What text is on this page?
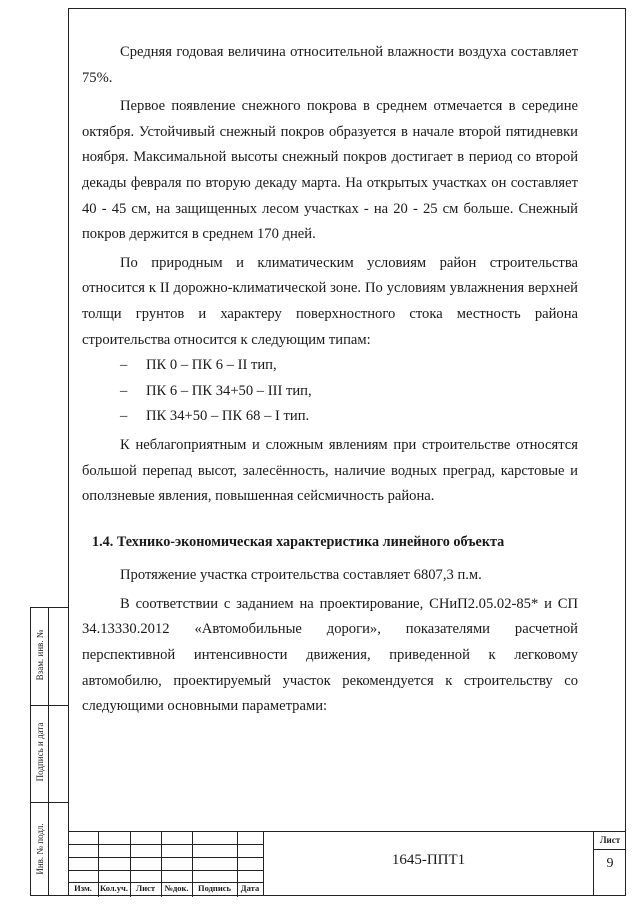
Средняя годовая величина относительной влажности воздуха составляет 75%.

Первое появление снежного покрова в среднем отмечается в середине октября. Устойчивый снежный покров образуется в начале второй пятидневки ноября. Максимальной высоты снежный покров достигает в период со второй декады февраля по вторую декаду марта. На открытых участках он составляет 40 - 45 см, на защищенных лесом участках - на 20 - 25 см больше. Снежный покров держится в среднем 170 дней.

По природным и климатическим условиям район строительства относится к II дорожно-климатической зоне. По условиям увлажнения верхней толщи грунтов и характеру поверхностного стока местность района строительства относится к следующим типам:

– ПК 0 – ПК 6 – II тип,
– ПК 6 – ПК 34+50 – III тип,
– ПК 34+50 – ПК 68 – I тип.

К неблагоприятным и сложным явлениям при строительстве относятся большой перепад высот, залесённость, наличие водных преград, карстовые и оползневые явления, повышенная сейсмичность района.

1.4. Технико-экономическая характеристика линейного объекта

Протяжение участка строительства составляет 6807,3 п.м.

В соответствии с заданием на проектирование, СНиП2.05.02-85* и СП 34.13330.2012 «Автомобильные дороги», показателями расчетной перспективной интенсивности движения, приведенной к легковому автомобилю, проектируемый участок рекомендуется к строительству со следующими основными параметрами:

Взам. инв. №
Подпись и дата
Инв. № подл.
Изм. Кол.уч. Лист	№док.	Подпись	Дата
1645-ППТ1
Лист
9
